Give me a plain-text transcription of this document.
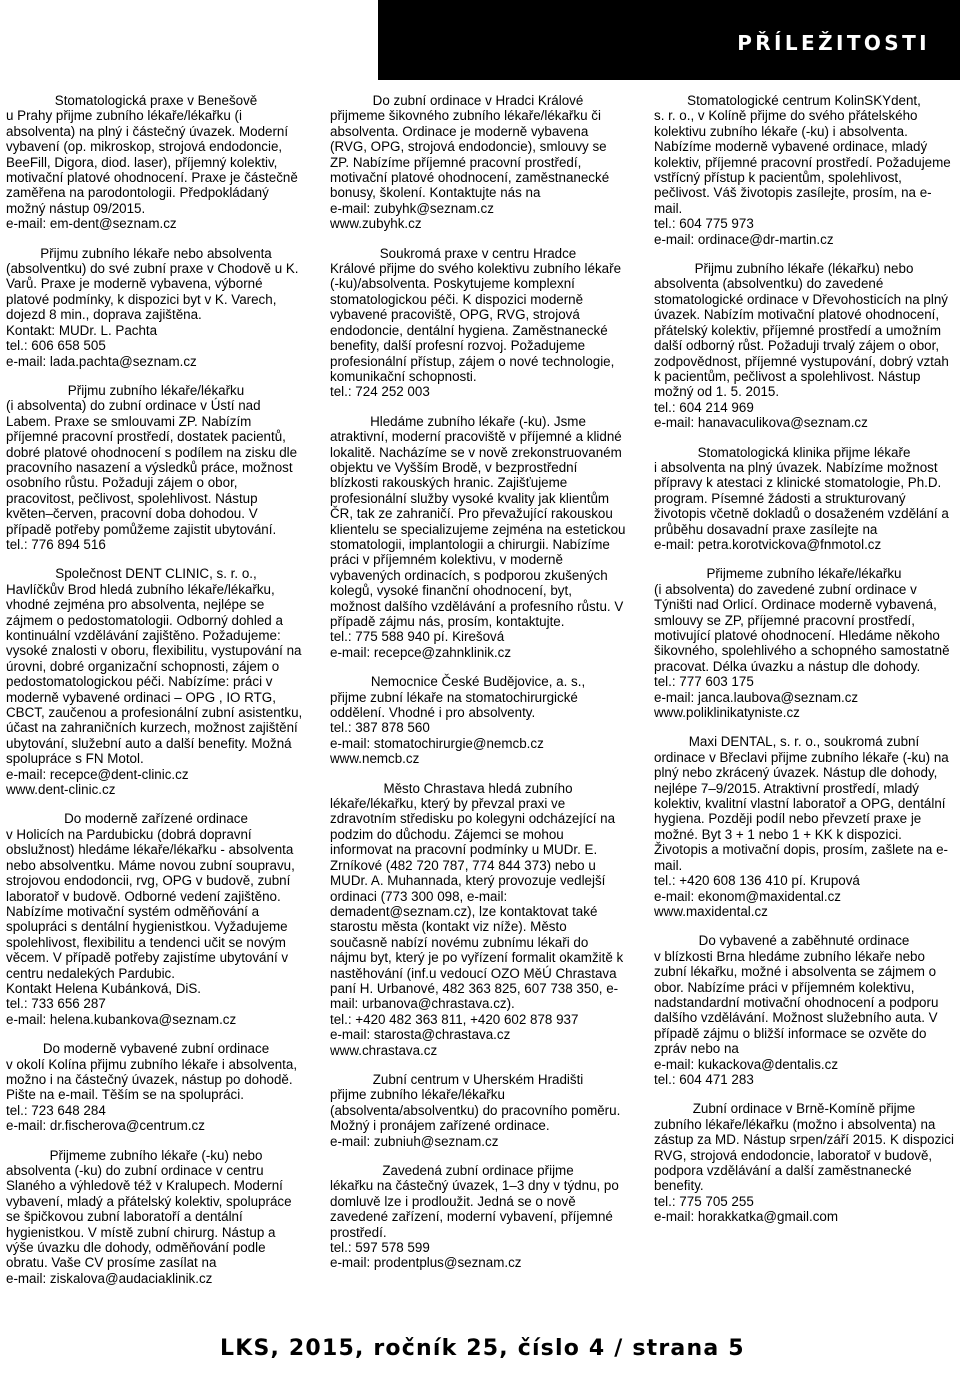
PŘÍLEŽITOSTI

Stomatologická praxe v Benešově

u Prahy přijme zubního lékaře/lékařku (i absolventa) na plný i částečný úvazek. Moderní vybavení (op. mikroskop, strojová endodoncie, BeeFill, Digora, diod. laser), příjemný kolektiv, motivační platové ohodnocení. Praxe je částečně zaměřena na parodontologii. Předpokládaný možný nástup 09/2015.

e-mail: em-dent@seznam.cz

Přijmu zubního lékaře nebo absolventa

(absolventku) do své zubní praxe v Chodově u K. Varů. Praxe je moderně vybavena, výborné platové podmínky, k dispozici byt v K. Varech, dojezd 8 min., doprava zajištěna.

Kontakt: MUDr. L. Pachta

tel.: 606 658 505

e-mail: lada.pachta@seznam.cz

Přijmu zubního lékaře/lékařku

(i absolventa) do zubní ordinace v Ústí nad Labem. Praxe se smlouvami ZP. Nabízím příjemné pracovní prostředí, dostatek pacientů, dobré platové ohodnocení s podílem na zisku dle pracovního nasazení a výsledků práce, možnost osobního růstu. Požaduji zájem o obor, pracovitost, pečlivost, spolehlivost. Nástup květen–červen, pracovní doba dohodou. V případě potřeby pomůžeme zajistit ubytování.

tel.: 776 894 516

Společnost DENT CLINIC, s. r. o.,

Havlíčkův Brod hledá zubního lékaře/lékařku, vhodné zejména pro absolventa, nejlépe se zájmem o pedostomatologii. Odborný dohled a kontinuální vzdělávání zajištěno. Požadujeme: vysoké znalosti v oboru, flexibilitu, vystupování na úrovni, dobré organizační schopnosti, zájem o pedostomatologickou péči. Nabízíme: práci v moderně vybavené ordinaci – OPG , IO RTG, CBCT, zaučenou a profesionální zubní asistentku, účast na zahraničních kurzech, možnost zajištění ubytování, služební auto a další benefity. Možná spolupráce s FN Motol.

e-mail: recepce@dent-clinic.cz

www.dent-clinic.cz

Do moderně zařízené ordinace

v Holicích na Pardubicku (dobrá dopravní obslužnost) hledáme lékaře/lékařku - absolventa nebo absolventku. Máme novou zubní soupravu, strojovou endodoncii, rvg, OPG v budově, zubní laboratoř v budově. Odborné vedení zajištěno. Nabízíme motivační systém odměňování a spolupráci s dentální hygienistkou. Vyžadujeme spolehlivost, flexibilitu a tendenci učit se novým věcem. V případě potřeby zajistíme ubytování v centru nedalekých Pardubic.

Kontakt Helena Kubánková, DiS.

tel.: 733 656 287

e-mail: helena.kubankova@seznam.cz

Do moderně vybavené zubní ordinace

v okolí Kolína přijmu zubního lékaře i absolventa, možno i na částečný úvazek, nástup po dohodě. Pište na e-mail. Těším se na spolupráci.

tel.: 723 648 284

e-mail: dr.fischerova@centrum.cz

Přijmeme zubního lékaře (-ku) nebo

absolventa (-ku) do zubní ordinace v centru Slaného a výhledově též v Kralupech. Moderní vybavení, mladý a přátelský kolektiv, spolupráce se špičkovou zubní laboratoří a dentální hygienistkou. V místě zubní chirurg. Nástup a výše úvazku dle dohody, odměňování podle obratu. Vaše CV prosíme zasílat na

e-mail: ziskalova@audaciaklinik.cz

Do zubní ordinace v Hradci Králové

přijmeme šikovného zubního lékaře/lékařku či absolventa. Ordinace je moderně vybavena (RVG, OPG, strojová endodoncie), smlouvy se ZP. Nabízíme příjemné pracovní prostředí, motivační platové ohodnocení, zaměstnanecké bonusy, školení. Kontaktujte nás na

e-mail: zubyhk@seznam.cz

www.zubyhk.cz

Soukromá praxe v centru Hradce

Králové přijme do svého kolektivu zubního lékaře (-ku)/absolventa. Poskytujeme komplexní stomatologickou péči. K dispozici moderně vybavené pracoviště, OPG, RVG, strojová endodoncie, dentální hygiena. Zaměstnanecké benefity, další profesní rozvoj. Požadujeme profesionální přístup, zájem o nové technologie, komunikační schopnosti.

tel.: 724 252 003

Hledáme zubního lékaře (-ku). Jsme

atraktivní, moderní pracoviště v příjemné a klidné lokalitě. Nacházíme se v nově zrekonstruovaném objektu ve Vyšším Brodě, v bezprostřední blízkosti rakouských hranic. Zajišťujeme profesionální služby vysoké kvality jak klientům ČR, tak ze zahraničí. Pro převažující rakouskou klientelu se specializujeme zejména na estetickou stomatologii, implantologii a chirurgii. Nabízíme práci v příjemném kolektivu, v moderně vybavených ordinacích, s podporou zkušených kolegů, vysoké finanční ohodnocení, byt, možnost dalšího vzdělávání a profesního růstu. V případě zájmu nás, prosím, kontaktujte.

tel.: 775 588 940 pí. Kirešová

e-mail: recepce@zahnklinik.cz

Nemocnice České Budějovice, a. s.,

přijme zubní lékaře na stomatochirurgické oddělení. Vhodné i pro absolventy.

tel.: 387 878 560

e-mail: stomatochirurgie@nemcb.cz

www.nemcb.cz

Město Chrastava hledá zubního

lékaře/lékařku, který by převzal praxi ve zdravotním středisku po kolegyni odcházející na podzim do důchodu. Zájemci se mohou informovat na pracovní podmínky u MUDr. E. Zrníkové (482 720 787, 774 844 373) nebo u MUDr. A. Muhannada, který provozuje vedlejší ordinaci (773 300 098, e-mail: demadent@seznam.cz), lze kontaktovat také starostu města (kontakt viz níže). Město současně nabízí novému zubnímu lékaři do nájmu byt, který je po vyřízení formalit okamžitě k nastěhování (inf.u vedoucí OZO MěÚ Chrastava paní H. Urbanové, 482 363 825, 607 738 350, e-mail: urbanova@chrastava.cz).

tel.: +420 482 363 811, +420 602 878 937

e-mail: starosta@chrastava.cz

www.chrastava.cz

Zubní centrum v Uherském Hradišti

přijme zubního lékaře/lékařku (absolventa/absolventku) do pracovního poměru. Možný i pronájem zařízené ordinace.

e-mail: zubniuh@seznam.cz

Zavedená zubní ordinace přijme

lékařku na částečný úvazek, 1–3 dny v týdnu, po domluvě lze i prodloužit. Jedná se o nově zavedené zařízení, moderní vybavení, příjemné prostředí.

tel.: 597 578 599

e-mail: prodentplus@seznam.cz

Stomatologické centrum KolinSKYdent,

s. r. o., v Kolíně přijme do svého přátelského kolektivu zubního lékaře (-ku) i absolventa. Nabízíme moderně vybavené ordinace, mladý kolektiv, příjemné pracovní prostředí. Požadujeme vstřícný přístup k pacientům, spolehlivost, pečlivost. Váš životopis zasílejte, prosím, na e-mail.

tel.: 604 775 973

e-mail: ordinace@dr-martin.cz

Přijmu zubního lékaře (lékařku) nebo

absolventa (absolventku) do zavedené stomatologické ordinace v Dřevohosticích na plný úvazek. Nabízím motivační platové ohodnocení, přátelský kolektiv, příjemné prostředí a umožním další odborný růst. Požaduji trvalý zájem o obor, zodpovědnost, příjemné vystupování, dobrý vztah k pacientům, pečlivost a spolehlivost. Nástup možný od 1. 5. 2015.

tel.: 604 214 969

e-mail: hanavaculikova@seznam.cz

Stomatologická klinika přijme lékaře

i absolventa na plný úvazek. Nabízíme možnost přípravy k atestaci z klinické stomatologie, Ph.D. program. Písemné žádosti a strukturovaný životopis včetně dokladů o dosaženém vzdělání a průběhu dosavadní praxe zasílejte na

e-mail: petra.korotvickova@fnmotol.cz

Přijmeme zubního lékaře/lékařku

(i absolventa) do zavedené zubní ordinace v Týništi nad Orlicí. Ordinace moderně vybavená, smlouvy se ZP, příjemné pracovní prostředí, motivující platové ohodnocení. Hledáme někoho šikovného, spolehlivého a schopného samostatně pracovat. Délka úvazku a nástup dle dohody.

tel.: 777 603 175

e-mail: janca.laubova@seznam.cz

www.poliklinikatyniste.cz

Maxi DENTAL, s. r. o., soukromá zubní

ordinace v Břeclavi přijme zubního lékaře (-ku) na plný nebo zkrácený úvazek. Nástup dle dohody, nejlépe 7–9/2015. Atraktivní prostředí, mladý kolektiv, kvalitní vlastní laboratoř a OPG, dentální hygiena. Později podíl nebo převzetí praxe je možné. Byt 3 + 1 nebo 1 + KK k dispozici. Životopis a motivační dopis, prosím, zašlete na e-mail.

tel.: +420 608 136 410 pí. Krupová

e-mail: ekonom@maxidental.cz

www.maxidental.cz

Do vybavené a zaběhnuté ordinace

v blízkosti Brna hledáme zubního lékaře nebo zubní lékařku, možné i absolventa se zájmem o obor. Nabízíme práci v příjemném kolektivu, nadstandardní motivační ohodnocení a podporu dalšího vzdělávání. Možnost služebního auta. V případě zájmu o bližší informace se ozvěte do zpráv nebo na

e-mail: kukackova@dentalis.cz

tel.: 604 471 283

Zubní ordinace v Brně-Komíně přijme

zubního lékaře/lékařku (možno i absolventa) na zástup za MD. Nástup srpen/září 2015. K dispozici RVG, strojová endodoncie, laboratoř v budově, podpora vzdělávání a další zaměstnanecké benefity.

tel.: 775 705 255

e-mail: horakkatka@gmail.com

LKS, 2015, ročník 25, číslo 4 / strana 5
